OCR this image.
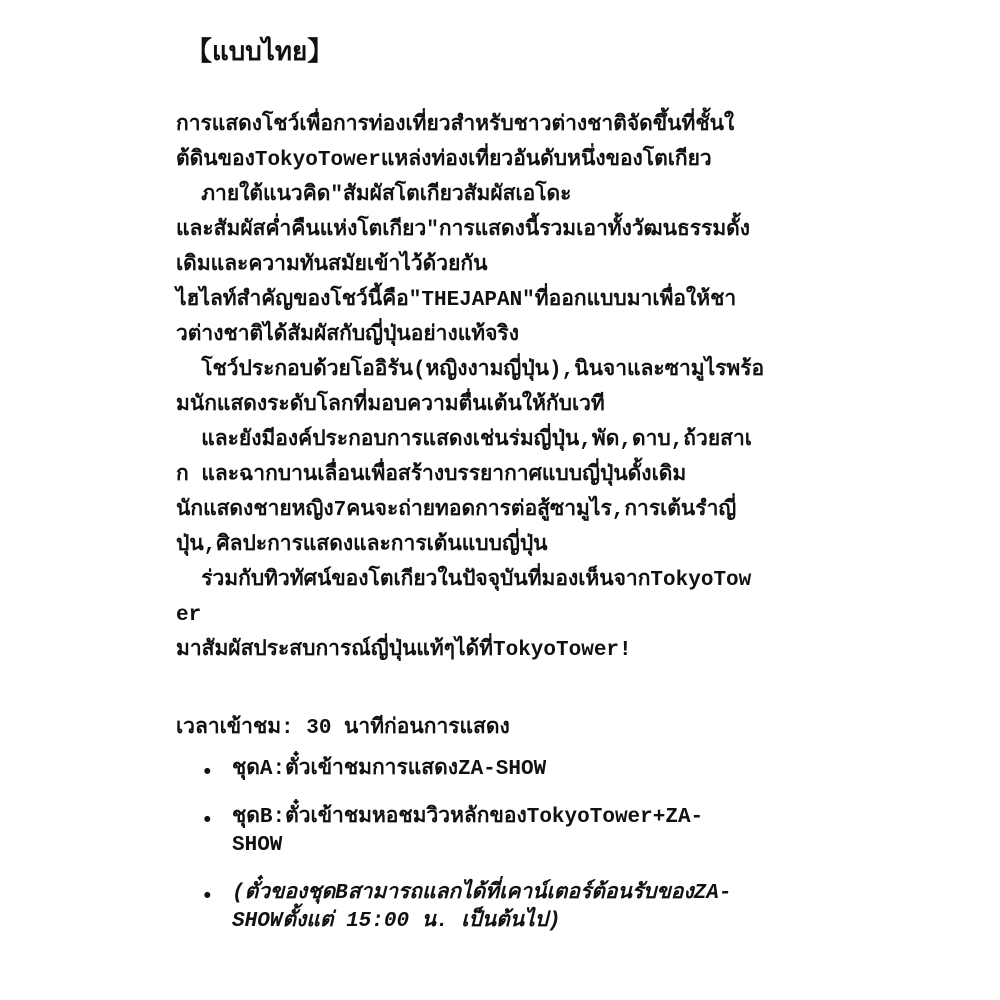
【แบบไทย】
การแสดงโชว์เพื่อการท่องเที่ยวสำหรับชาวต่างชาติจัดขึ้นที่ชั้นใ
ต้ดินของTokyoTowerแหล่งท่องเที่ยวอันดับหนึ่งของโตเกียว
ภายใต้แนวคิด"สัมผัสโตเกียวสัมผัสเอโดะ
และสัมผัสค่ำคืนแห่งโตเกียว"การแสดงนี้รวมเอาทั้งวัฒนธรรมดั้ง
เดิมและความทันสมัยเข้าไว้ด้วยกัน
ไฮไลท์สำคัญของโชว์นี้คือ"THEJAPAN"ที่ออกแบบมาเพื่อให้ชา
วต่างชาติได้สัมผัสกับญี่ปุ่นอย่างแท้จริง
โชว์ประกอบด้วยโออิรัน(หญิงงามญี่ปุ่น),นินจาและซามูไรพร้อ
มนักแสดงระดับโลกที่มอบความตื่นเต้นให้กับเวที
และยังมีองค์ประกอบการแสดงเช่นร่มญี่ปุ่น,พัด,ดาบ,ถ้วยสาเ
ก และฉากบานเลื่อนเพื่อสร้างบรรยากาศแบบญี่ปุ่นดั้งเดิม
นักแสดงชายหญิง7คนจะถ่ายทอดการต่อสู้ซามูไร,การเต้นรำญี่
ปุ่น,ศิลปะการแสดงและการเต้นแบบญี่ปุ่น
ร่วมกับทิวทัศน์ของโตเกียวในปัจจุบันที่มองเห็นจากTokyoTow
er
มาสัมผัสประสบการณ์ญี่ปุ่นแท้ๆได้ที่TokyoTower!
เวลาเข้าชม: 30 นาทีก่อนการแสดง
• ชุดA:ตั๋วเข้าชมการแสดงZA-SHOW
• ชุดB:ตั๋วเข้าชมหอชมวิวหลักของTokyoTower+ZA-
SHOW
• (ตั๋วของชุดBสามารถแลกได้ที่เคาน์เตอร์ต้อนรับของZA-
SHOWตั้งแต่ 15:00 น. เป็นต้นไป)
